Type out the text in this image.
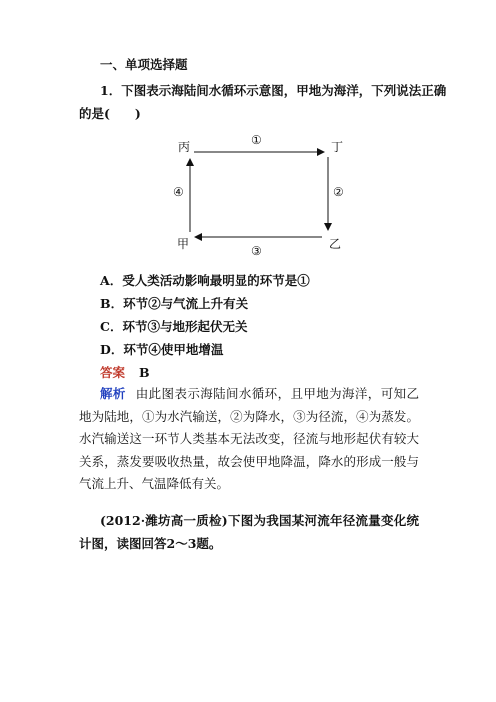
一、单项选择题
1．下图表示海陆间水循环示意图，甲地为海洋，下列说法正确
的是(　　)
丙	丁
甲	乙
①
②
③
④
A．受人类活动影响最明显的环节是①
B．环节②与气流上升有关
C．环节③与地形起伏无关
D．环节④使甲地增温
答案 B
解析 由此图表示海陆间水循环，且甲地为海洋，可知乙地为陆地，①为水汽输送，②为降水，③为径流，④为蒸发。水汽输送这一环节人类基本无法改变，径流与地形起伏有较大关系，蒸发要吸收热量，故会使甲地降温，降水的形成一般与气流上升、气温降低有关。
(2012·潍坊高一质检)下图为我国某河流年径流量变化统计图，读图回答2～3题。
